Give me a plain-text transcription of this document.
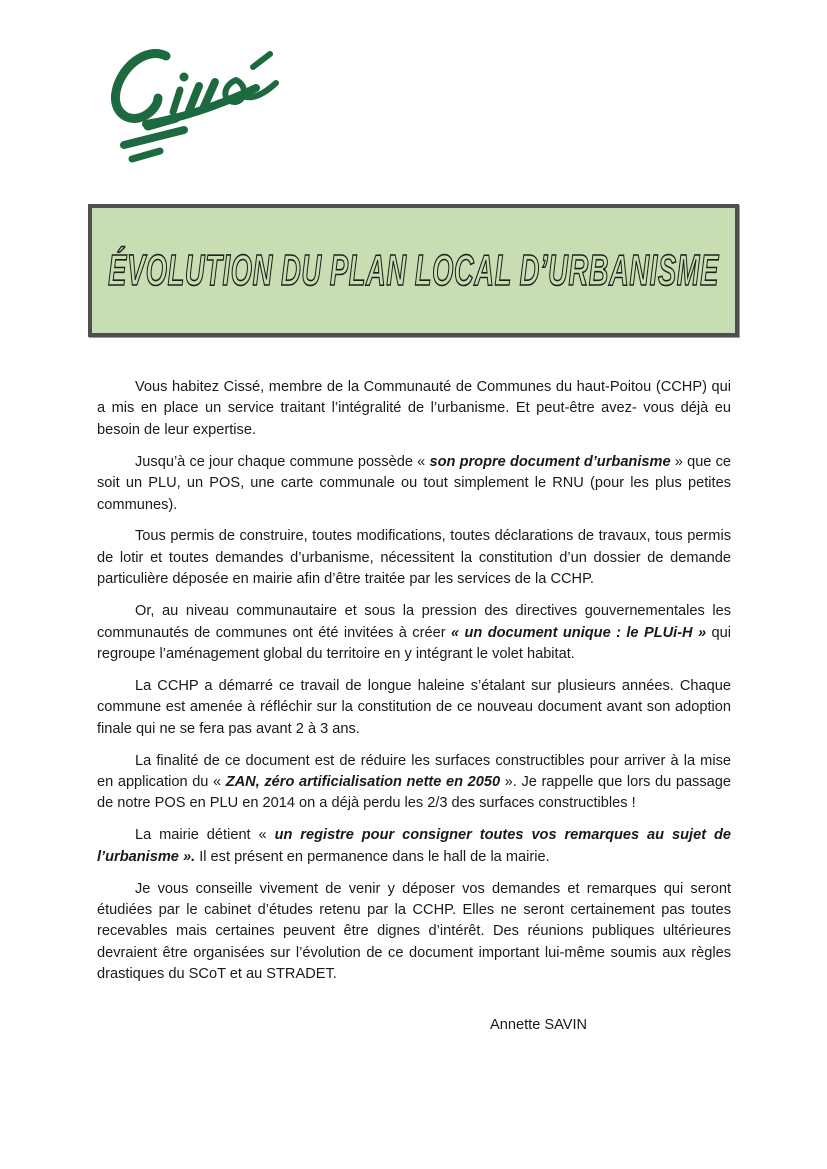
ÉVOLUTION DU PLAN LOCAL D’URBANISME

Vous habitez Cissé, membre de la Communauté de Communes du haut-Poitou (CCHP) qui a mis en place un service traitant l’intégralité de l’urbanisme. Et peut-être avez- vous déjà eu besoin de leur expertise.

Jusqu’à ce jour chaque commune possède « son propre document d’urbanisme » que ce soit un PLU, un POS, une carte communale ou tout simplement le RNU (pour les plus petites communes).

Tous permis de construire, toutes modifications, toutes déclarations de travaux, tous permis de lotir et toutes demandes d’urbanisme, nécessitent la constitution d’un dossier de demande particulière déposée en mairie afin d’être traitée par les services de la CCHP.

Or, au niveau communautaire et sous la pression des directives gouvernementales les communautés de communes ont été invitées à créer « un document unique : le PLUi-H » qui regroupe l’aménagement global du territoire en y intégrant le volet habitat.

La CCHP a démarré ce travail de longue haleine s’étalant sur plusieurs années. Chaque commune est amenée à réfléchir sur la constitution de ce nouveau document avant son adoption finale qui ne se fera pas avant 2 à 3 ans.

La finalité de ce document est de réduire les surfaces constructibles pour arriver à la mise en application du « ZAN, zéro artificialisation nette en 2050 ». Je rappelle que lors du passage de notre POS en PLU en 2014 on a déjà perdu les 2/3 des surfaces constructibles !

La mairie détient « un registre pour consigner toutes vos remarques au sujet de l’urbanisme ». Il est présent en permanence dans le hall de la mairie.

Je vous conseille vivement de venir y déposer vos demandes et remarques qui seront étudiées par le cabinet d’études retenu par la CCHP. Elles ne seront certainement pas toutes recevables mais certaines peuvent être dignes d’intérêt. Des réunions publiques ultérieures devraient être organisées sur l’évolution de ce document important lui-même soumis aux règles drastiques du SCoT et au STRADET.

Annette SAVIN
